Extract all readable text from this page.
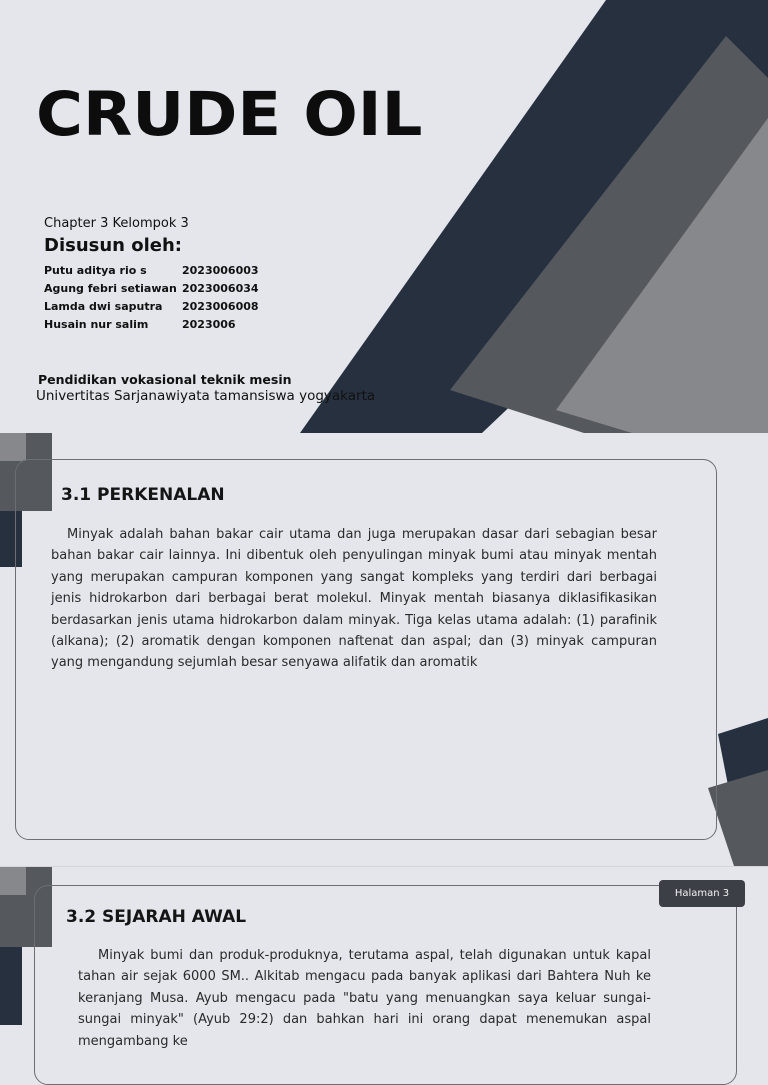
CRUDE OIL
Chapter 3 Kelompok 3
Disusun oleh:
Putu aditya rio s	2023006003
Agung febri setiawan 2023006034
Lamda dwi saputra	2023006008
Husain nur salim	2023006
Pendidikan vokasional teknik mesin
Univertitas Sarjanawiyata tamansiswa yogyakarta
3.1 PERKENALAN

Minyak adalah bahan bakar cair utama dan juga merupakan dasar dari sebagian besar bahan bakar cair lainnya. Ini dibentuk oleh penyulingan minyak bumi atau minyak mentah yang merupakan campuran komponen yang sangat kompleks yang terdiri dari berbagai jenis hidrokarbon dari berbagai berat molekul. Minyak mentah biasanya diklasifikasikan berdasarkan jenis utama hidrokarbon dalam minyak. Tiga kelas utama adalah: (1) parafinik (alkana); (2) aromatik dengan komponen naftenat dan aspal; dan (3) minyak campuran yang mengandung sejumlah besar senyawa alifatik dan aromatik

Halaman 3
3.2 SEJARAH AWAL

Minyak bumi dan produk-produknya, terutama aspal, telah digunakan untuk kapal tahan air sejak 6000 SM.. Alkitab mengacu pada banyak aplikasi dari Bahtera Nuh ke keranjang Musa. Ayub mengacu pada "batu yang menuangkan saya keluar sungai-sungai minyak" (Ayub 29:2) dan bahkan hari ini orang dapat menemukan aspal mengambang ke
